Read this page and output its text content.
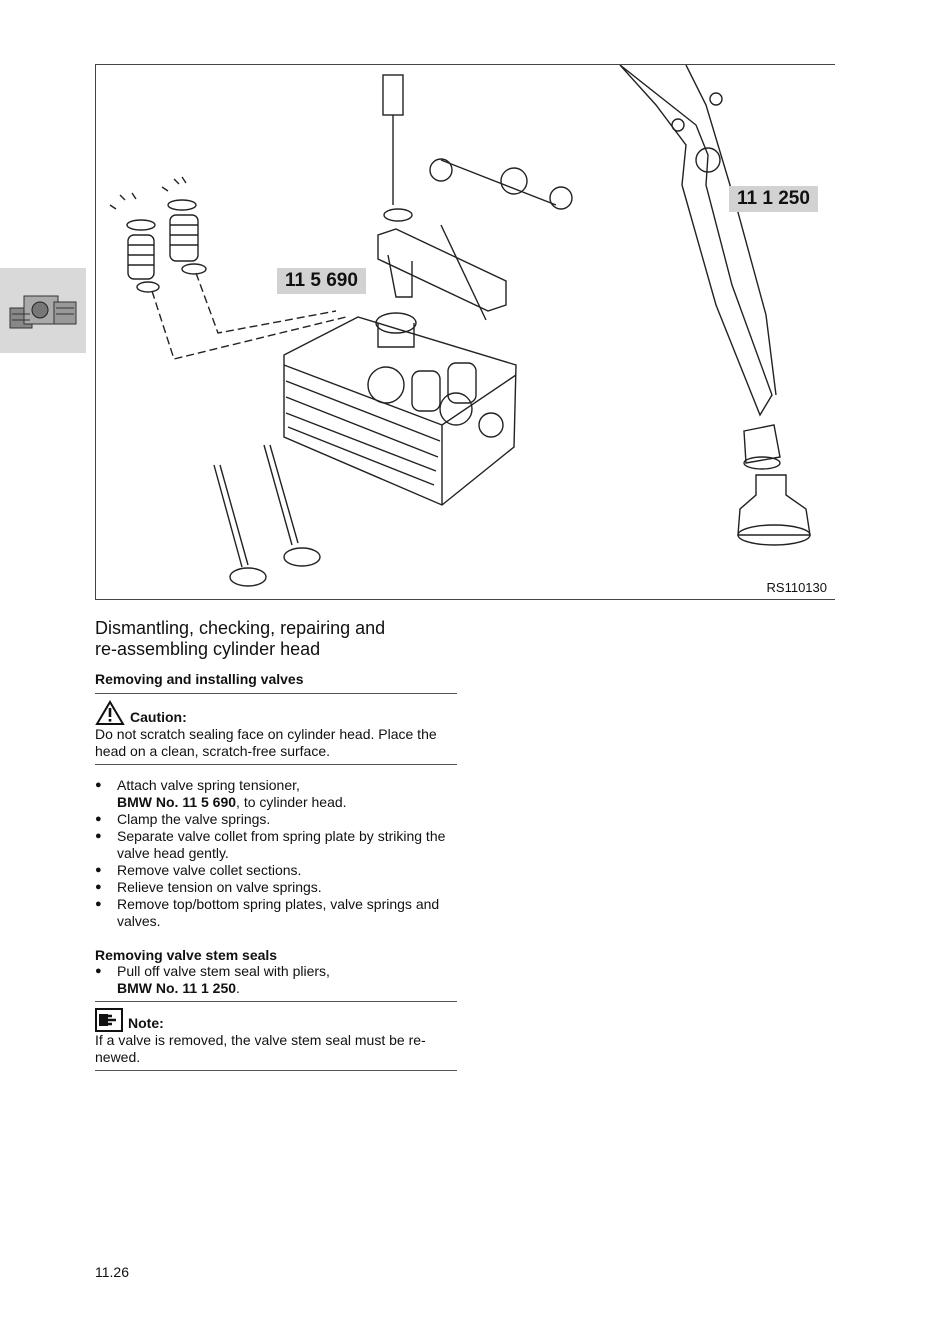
11 1 250
11 5 690
RS110130
Dismantling, checking, repairing and
re-assembling cylinder head
Removing and installing valves
Caution:
Do not scratch sealing face on cylinder head. Place the head on a clean, scratch-free surface.
● Attach valve spring tensioner,
BMW No. 11 5 690, to cylinder head.
● Clamp the valve springs.
● Separate valve collet from spring plate by striking the valve head gently.
● Remove valve collet sections.
● Relieve tension on valve springs.
● Remove top/bottom spring plates, valve springs and valves.
Removing valve stem seals
● Pull off valve stem seal with pliers,
BMW No. 11 1 250.
Note:
If a valve is removed, the valve stem seal must be re-newed.
11.26
